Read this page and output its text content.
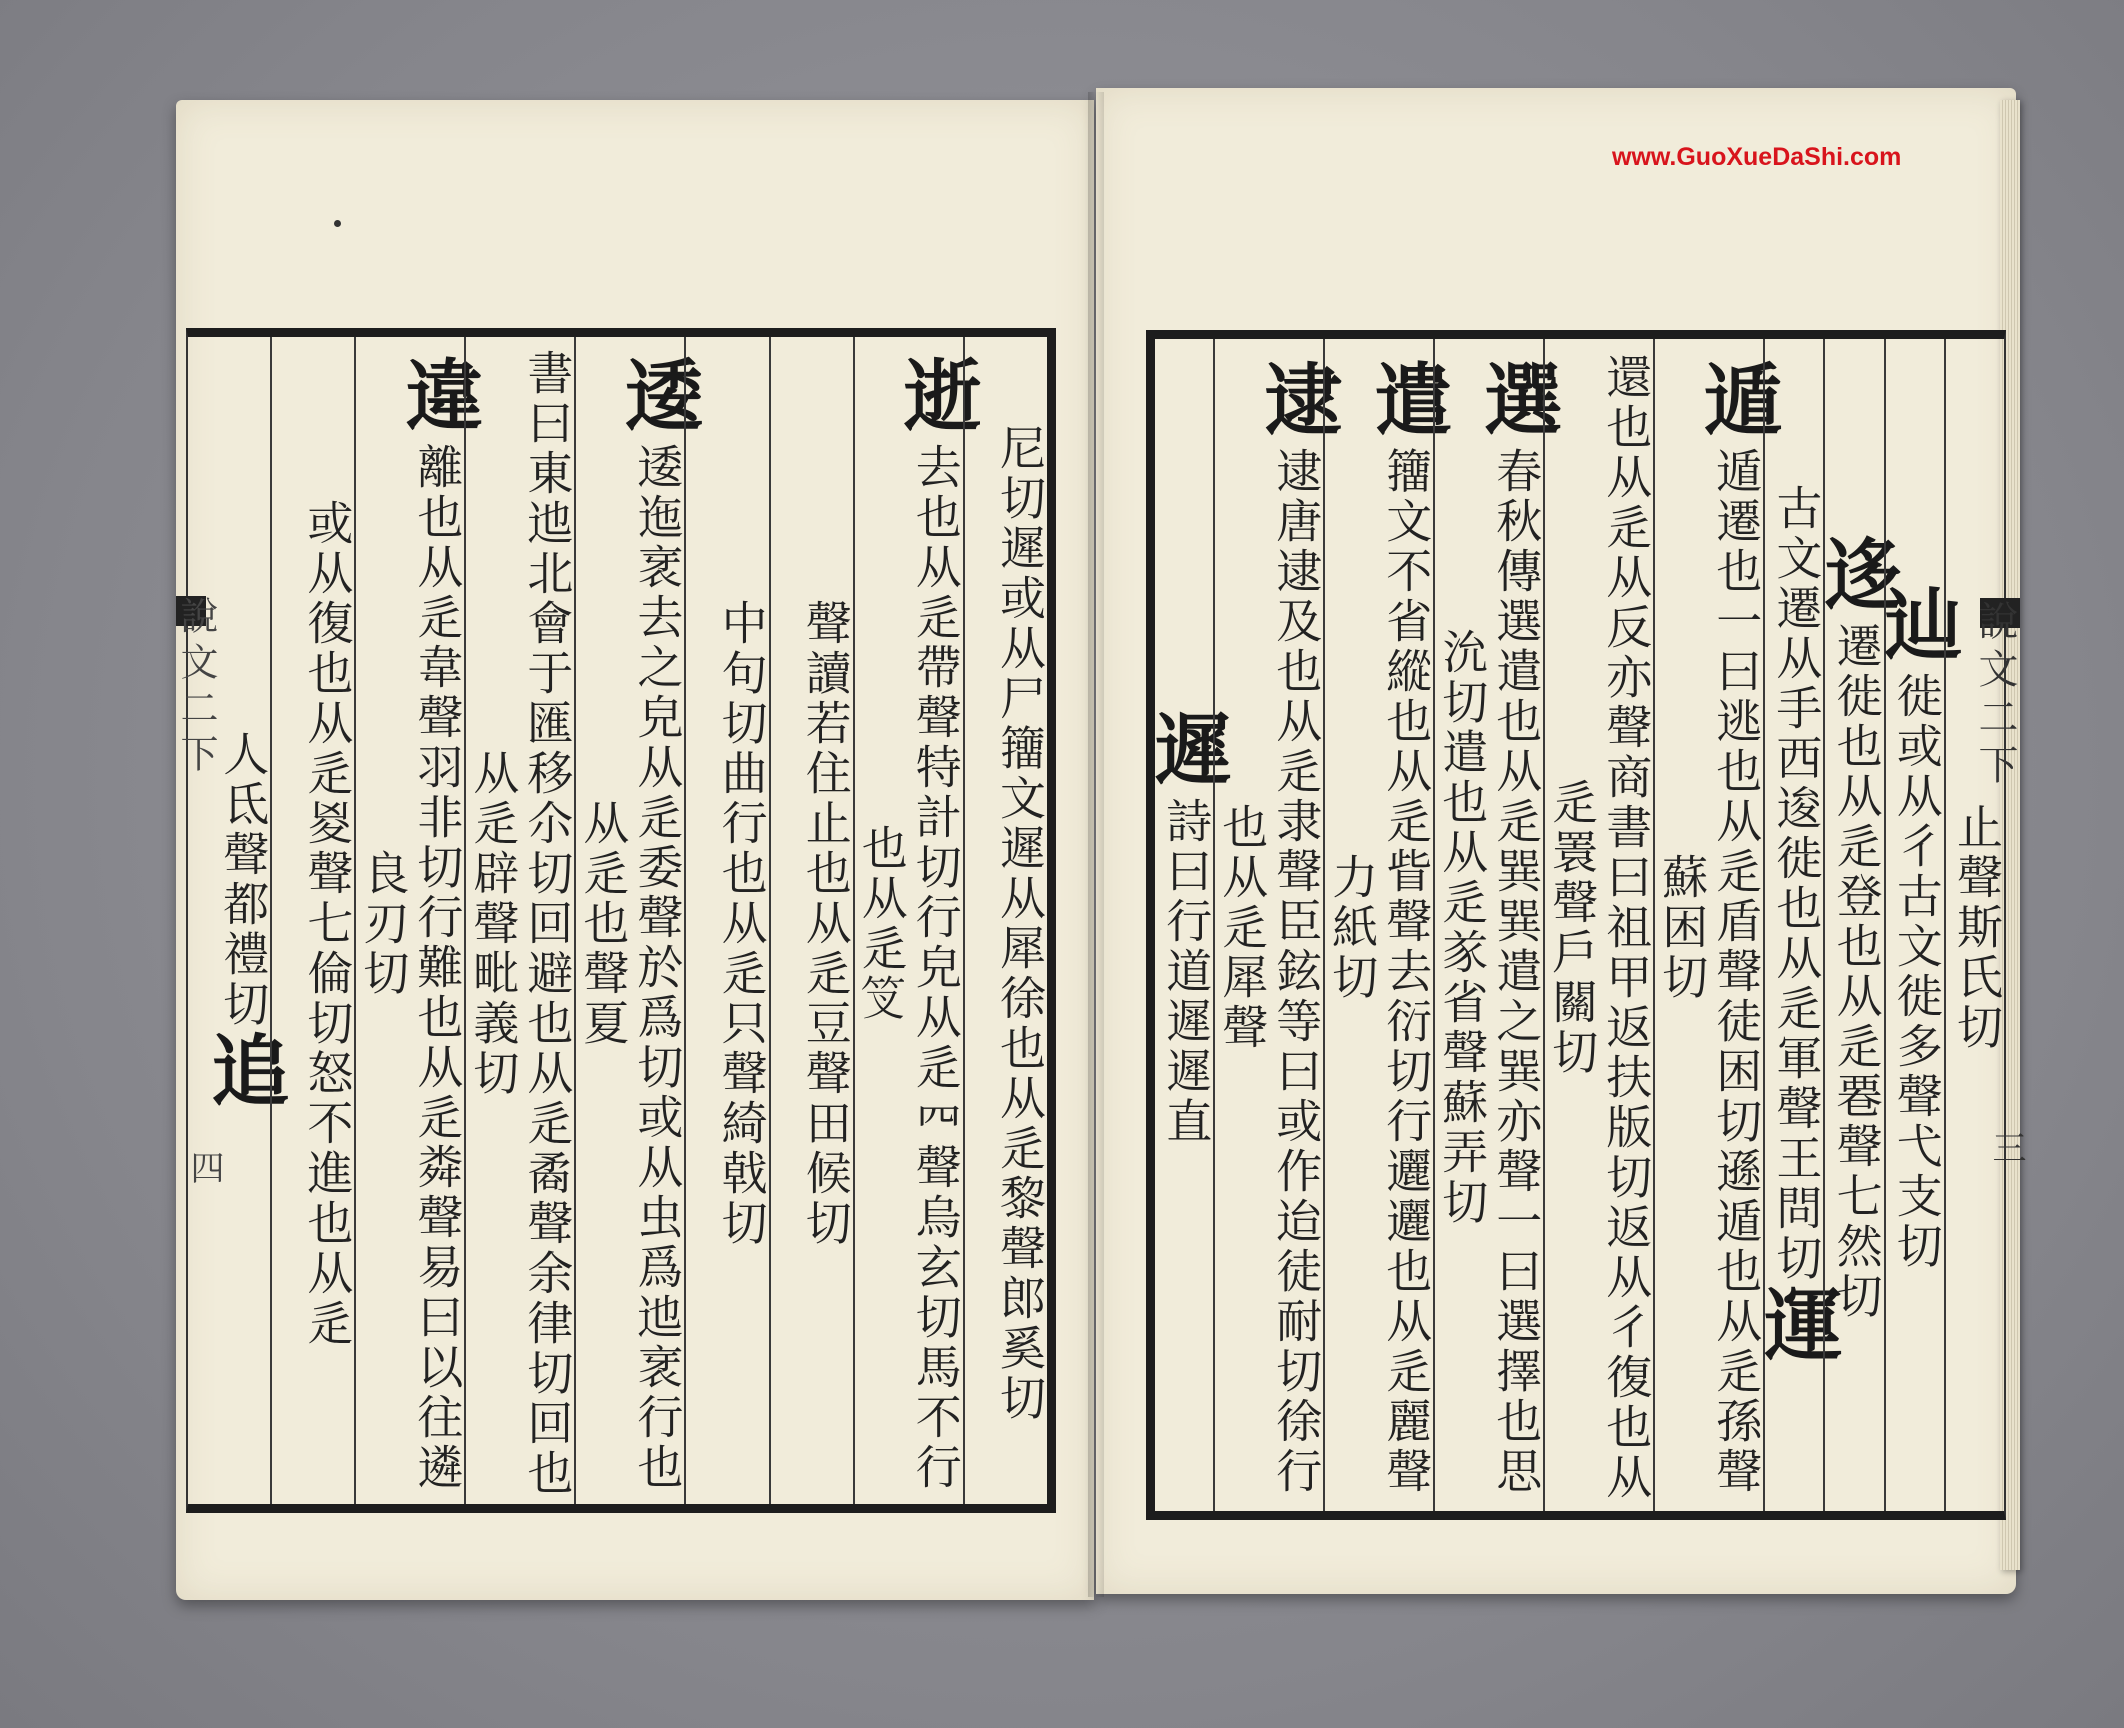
www.GuoXueDaShi.com
止聲斯氏切
辿徙或从彳古文徙多聲弋支切
迻遷徙也从辵登也从辵䙴聲七然切
古文遷从手西逡徙也从辵軍聲王問切運
遁遁遷也一曰逃也从辵盾聲徒困切遜遁也从辵孫聲蘇困切
還也从辵从反亦聲商書曰祖甲返扶版切返从彳復也从辵瞏聲戶關切
選春秋傳選遣也从辵巽巽遣之巽亦聲一曰選擇也思沇切遣也从辵㒸省聲蘇弄切
遣籒文不省縱也从辵眥聲去衍切行邐邐也从辵麗聲力紙切
逮逮唐逮及也从辵隶聲臣鉉等曰或作迨徒耐切徐行也从辵犀聲
遲詩曰行道遲遲直
尼切遲或从尸籒文遲从犀徐也从辵黎聲郎奚切
逝去也从辵帶聲特計切行皃从辵𦉪聲烏玄切馬不行也从辵𥫢
聲讀若住止也从辵豆聲田候切
中句切曲行也从辵只聲綺戟切
逶逶迤衺去之皃从辵委聲於爲切或从虫爲迆衺行也从辵也聲夏
書曰東迆北會于匯移尒切回避也从辵矞聲余律切回也从辵辟聲毗義切
違離也从辵韋聲羽非切行難也从辵粦聲易曰以往遴良刃切
或从復也从辵㚇聲七倫切怒不進也从辵
人氐聲都禮切追
說文二下
三
說文二下
四
